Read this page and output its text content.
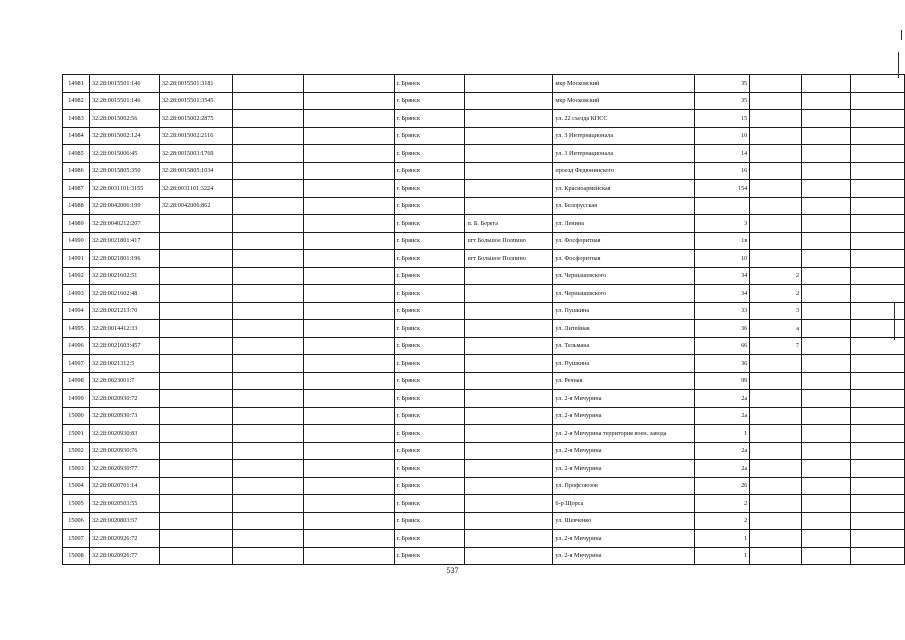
14981	32:28:0015501:146	32:28:0015501:3181			г. Брянск		мкр Московский	35			
14982	32:28:0015501:146	32:28:0015501:3545			г. Брянск		мкр Московский	35			
14983	32:28:0015002:56	32:28:0015002:2875			г. Брянск		ул. 22 съезда КПСС	15			
14984	32:28:0015002:124	32:28:0015002:2116			г. Брянск		ул. 3 Интернационала	10			
14985	32:28:0015006:45	32:28:0015003:1769			г. Брянск		ул. 3 Интернационала	14			
14986	32:28:0015805:350	32:28:0015805:1034			г. Брянск		проезд Федюнинского	16			
14987	32:28:0031101:3155	32:28:0031101:3224			г. Брянск		ул. Красноармейская	154			
14988	32:28:0042006:199	32:28:0042006:862			г. Брянск		ул. Белорусская				
14989	32:28:0040212:207				г. Брянск	п. Б. Берега	ул. Ленина	3			
14990	32:28:0021801:417				г. Брянск	пгт Большое Полпино	ул. Фосфоритная	1в			
14991	32:28:0021801:196				г. Брянск	пгт Большое Полпино	ул. Фосфоритная	10			
14992	32:28:0021602:51				г. Брянск		ул. Чернышевского	34	2		
14993	32:28:0021602:48				г. Брянск		ул. Чернышевского	34	2		
14994	32:28:0021213:70				г. Брянск		ул. Пушкина	33	3		
14995	32:28:0014412:33				г. Брянск		ул. Литейная	36	а		
14996	32:28:0021603:457				г. Брянск		ул. Тельмана	66	7		
14997	32:28:0021312:5				г. Брянск		ул. Пушкина	36			
14998	32:28:0023001:7				г. Брянск		ул. Речная	99			
14999	32:28:0020930:72				г. Брянск		ул. 2-я Мичурина	2а			
15000	32:28:0020930:73				г. Брянск		ул. 2-я Мичурина	2а			
15001	32:28:0020930:83				г. Брянск		ул. 2-я Мичурина территория воен. завода	1			
15002	32:28:0020930:76				г. Брянск		ул. 2-я Мичурина	2а			
15003	32:28:0020930:77				г. Брянск		ул. 2-я Мичурина	2а			
15004	32:28:0020701:14				г. Брянск		ул. Профсоюзов	26			
15005	32:28:0020503:55				г. Брянск		б-р Щорса	2			
15006	32:28:0020803:57				г. Брянск		ул. Шевченко	2			
15007	32:28:0020926:72				г. Брянск		ул. 2-я Мичурина	1			
15008	32:28:0020926:77				г. Брянск		ул. 2-я Мичурина	1			
537
